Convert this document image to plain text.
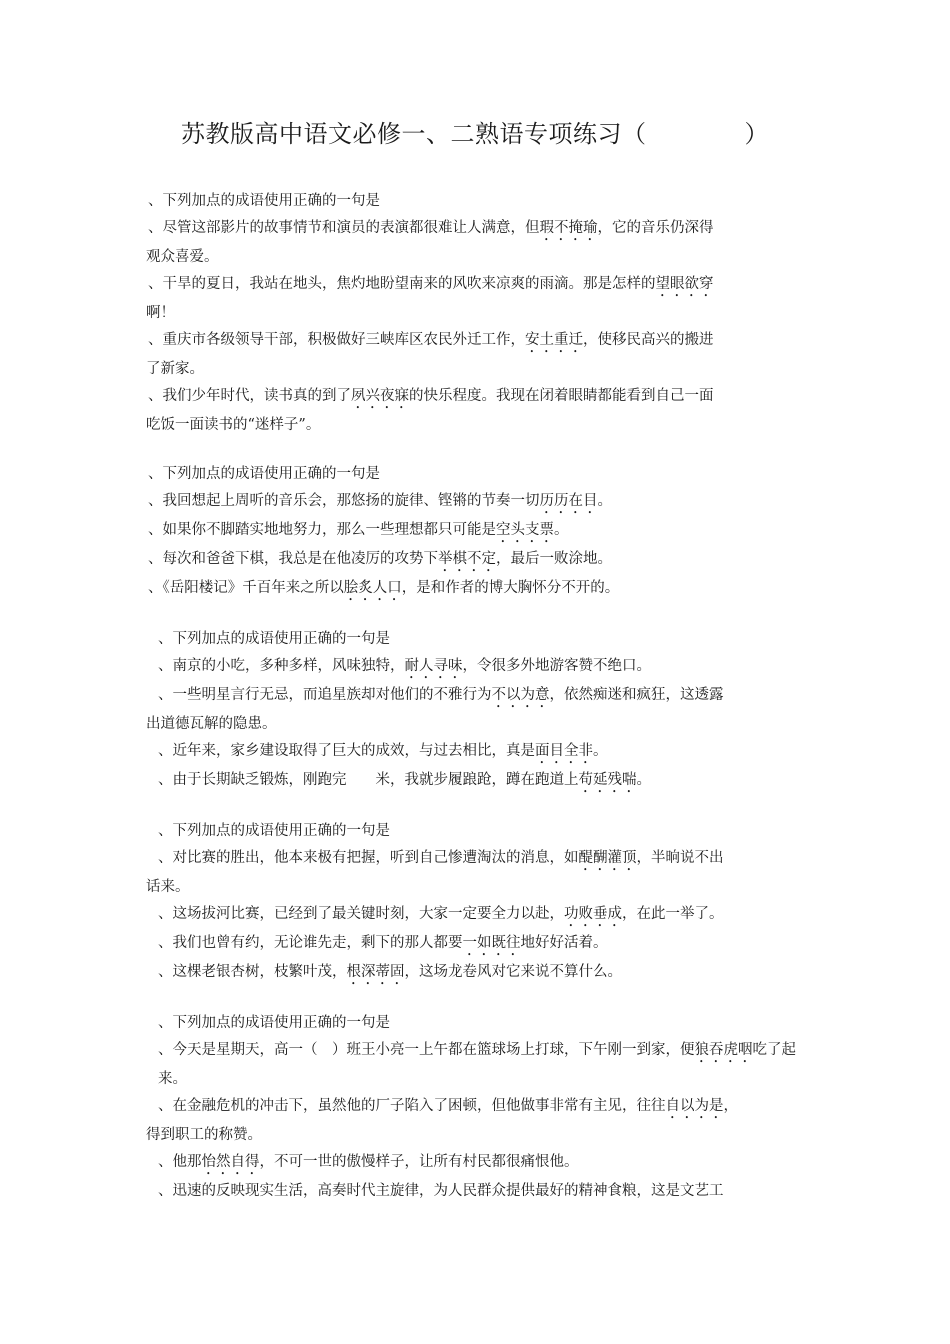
苏教版高中语文必修一、二熟语专项练习（　　　　）
、下列加点的成语使用正确的一句是
、尽管这部影片的故事情节和演员的表演都很难让人满意，但瑕不掩瑜，它的音乐仍深得
观众喜爱。
、干旱的夏日，我站在地头，焦灼地盼望南来的风吹来凉爽的雨滴。那是怎样的望眼欲穿
啊！
、重庆市各级领导干部，积极做好三峡库区农民外迁工作，安土重迁，使移民高兴的搬进
了新家。
、我们少年时代，读书真的到了夙兴夜寐的快乐程度。我现在闭着眼睛都能看到自己一面
吃饭一面读书的“迷样子”。
、下列加点的成语使用正确的一句是
、我回想起上周听的音乐会，那悠扬的旋律、铿锵的节奏一切历历在目。
、如果你不脚踏实地地努力，那么一些理想都只可能是空头支票。
、每次和爸爸下棋，我总是在他凌厉的攻势下举棋不定，最后一败涂地。
、《岳阳楼记》千百年来之所以脍炙人口，是和作者的博大胸怀分不开的。
、下列加点的成语使用正确的一句是
、南京的小吃，多种多样，风味独特，耐人寻味，令很多外地游客赞不绝口。
、一些明星言行无忌，而追星族却对他们的不雅行为不以为意，依然痴迷和疯狂，这透露
出道德瓦解的隐患。
、近年来，家乡建设取得了巨大的成效，与过去相比，真是面目全非。
、由于长期缺乏锻炼，刚跑完　　米，我就步履踉跄，蹲在跑道上苟延残喘。
、下列加点的成语使用正确的一句是
、对比赛的胜出，他本来极有把握，听到自己惨遭淘汰的消息，如醍醐灌顶，半晌说不出
话来。
、这场拔河比赛，已经到了最关键时刻，大家一定要全力以赴，功败垂成，在此一举了。
、我们也曾有约，无论谁先走，剩下的那人都要一如既往地好好活着。
、这棵老银杏树，枝繁叶茂，根深蒂固，这场龙卷风对它来说不算什么。
、下列加点的成语使用正确的一句是
、今天是星期天，高一（　）班王小亮一上午都在篮球场上打球，下午刚一到家，便狼吞虎咽吃了起来。
、在金融危机的冲击下，虽然他的厂子陷入了困顿，但他做事非常有主见，往往自以为是，
得到职工的称赞。
、他那怡然自得，不可一世的傲慢样子，让所有村民都很痛恨他。
、迅速的反映现实生活，高奏时代主旋律，为人民群众提供最好的精神食粮，这是文艺工
